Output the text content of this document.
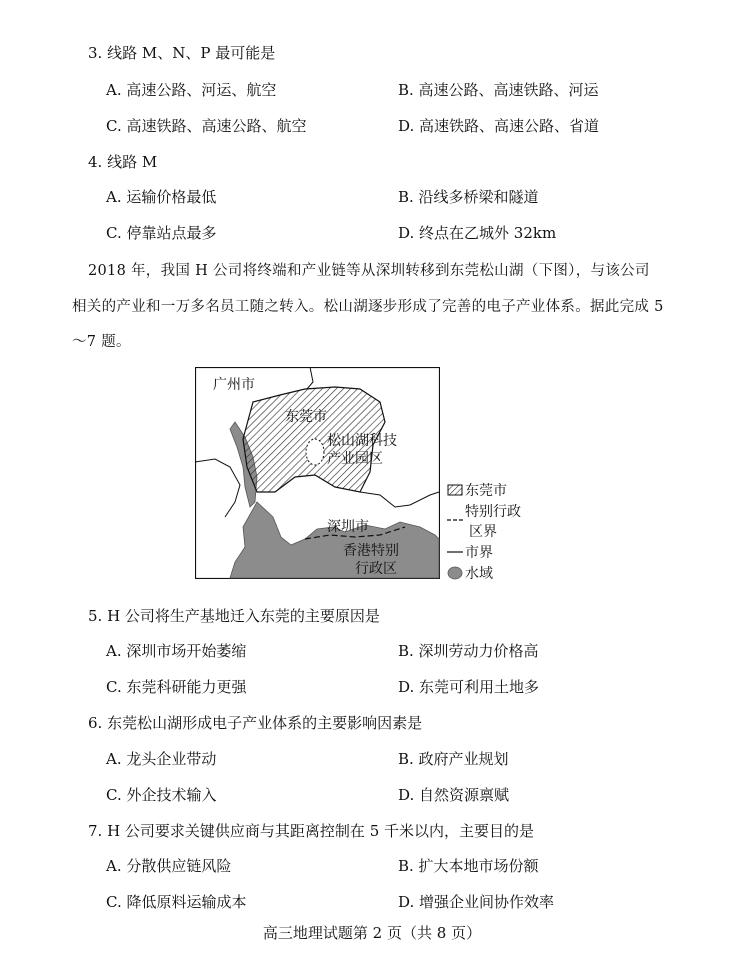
3. 线路 M、N、P 最可能是
A. 高速公路、河运、航空	B. 高速公路、高速铁路、河运
C. 高速铁路、高速公路、航空	D. 高速铁路、高速公路、省道
4. 线路 M
A. 运输价格最低	B. 沿线多桥梁和隧道
C. 停靠站点最多	D. 终点在乙城外 32km
2018 年，我国 H 公司将终端和产业链等从深圳转移到东莞松山湖（下图），与该公司
相关的产业和一万多名员工随之转入。松山湖逐步形成了完善的电子产业体系。据此完成 5
～7 题。
广州市
东莞市
松山湖科技
产业园区
深圳市
香港特别
行政区
东莞市
特别行政
区界
市界
水域
5. H 公司将生产基地迁入东莞的主要原因是
A. 深圳市场开始萎缩	B. 深圳劳动力价格高
C. 东莞科研能力更强	D. 东莞可利用土地多
6. 东莞松山湖形成电子产业体系的主要影响因素是
A. 龙头企业带动	B. 政府产业规划
C. 外企技术输入	D. 自然资源禀赋
7. H 公司要求关键供应商与其距离控制在 5 千米以内，主要目的是
A. 分散供应链风险	B. 扩大本地市场份额
C. 降低原料运输成本	D. 增强企业间协作效率
高三地理试题第 2 页（共 8 页）
